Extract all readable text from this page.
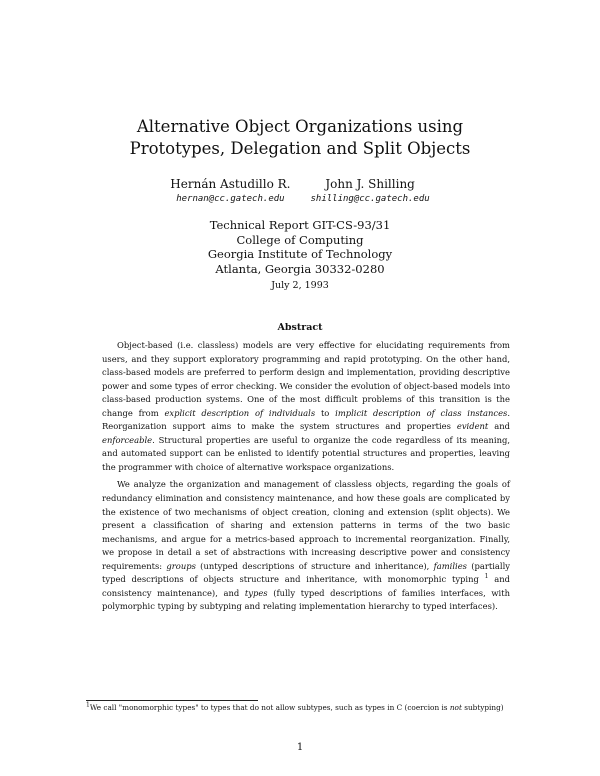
Alternative Object Organizations using
Prototypes, Delegation and Split Objects
Hernán Astudillo R.
hernan@cc.gatech.edu
John J. Shilling
shilling@cc.gatech.edu
Technical Report GIT-CS-93/31
College of Computing
Georgia Institute of Technology
Atlanta, Georgia 30332-0280
July 2, 1993
Abstract

Object-based (i.e. classless) models are very effective for elucidating requirements from users, and they support exploratory programming and rapid prototyping. On the other hand, class-based models are preferred to perform design and implementation, providing descriptive power and some types of error checking. We consider the evolution of object-based models into class-based production systems. One of the most difficult problems of this transition is the change from explicit description of individuals to implicit description of class instances. Reorganization support aims to make the system structures and properties evident and enforceable. Structural properties are useful to organize the code regardless of its meaning, and automated support can be enlisted to identify potential structures and properties, leaving the programmer with choice of alternative workspace organizations.

We analyze the organization and management of classless objects, regarding the goals of redundancy elimination and consistency maintenance, and how these goals are complicated by the existence of two mechanisms of object creation, cloning and extension (split objects). We present a classification of sharing and extension patterns in terms of the two basic mechanisms, and argue for a metrics-based approach to incremental reorganization. Finally, we propose in detail a set of abstractions with increasing descriptive power and consistency requirements: groups (untyped descriptions of structure and inheritance), families (partially typed descriptions of objects structure and inheritance, with monomorphic typing $^1$ and consistency maintenance), and types (fully typed descriptions of families interfaces, with polymorphic typing by subtyping and relating implementation hierarchy to typed interfaces).

$^1$We call "monomorphic types" to types that do not allow subtypes, such as types in C (coercion is not subtyping)
1
